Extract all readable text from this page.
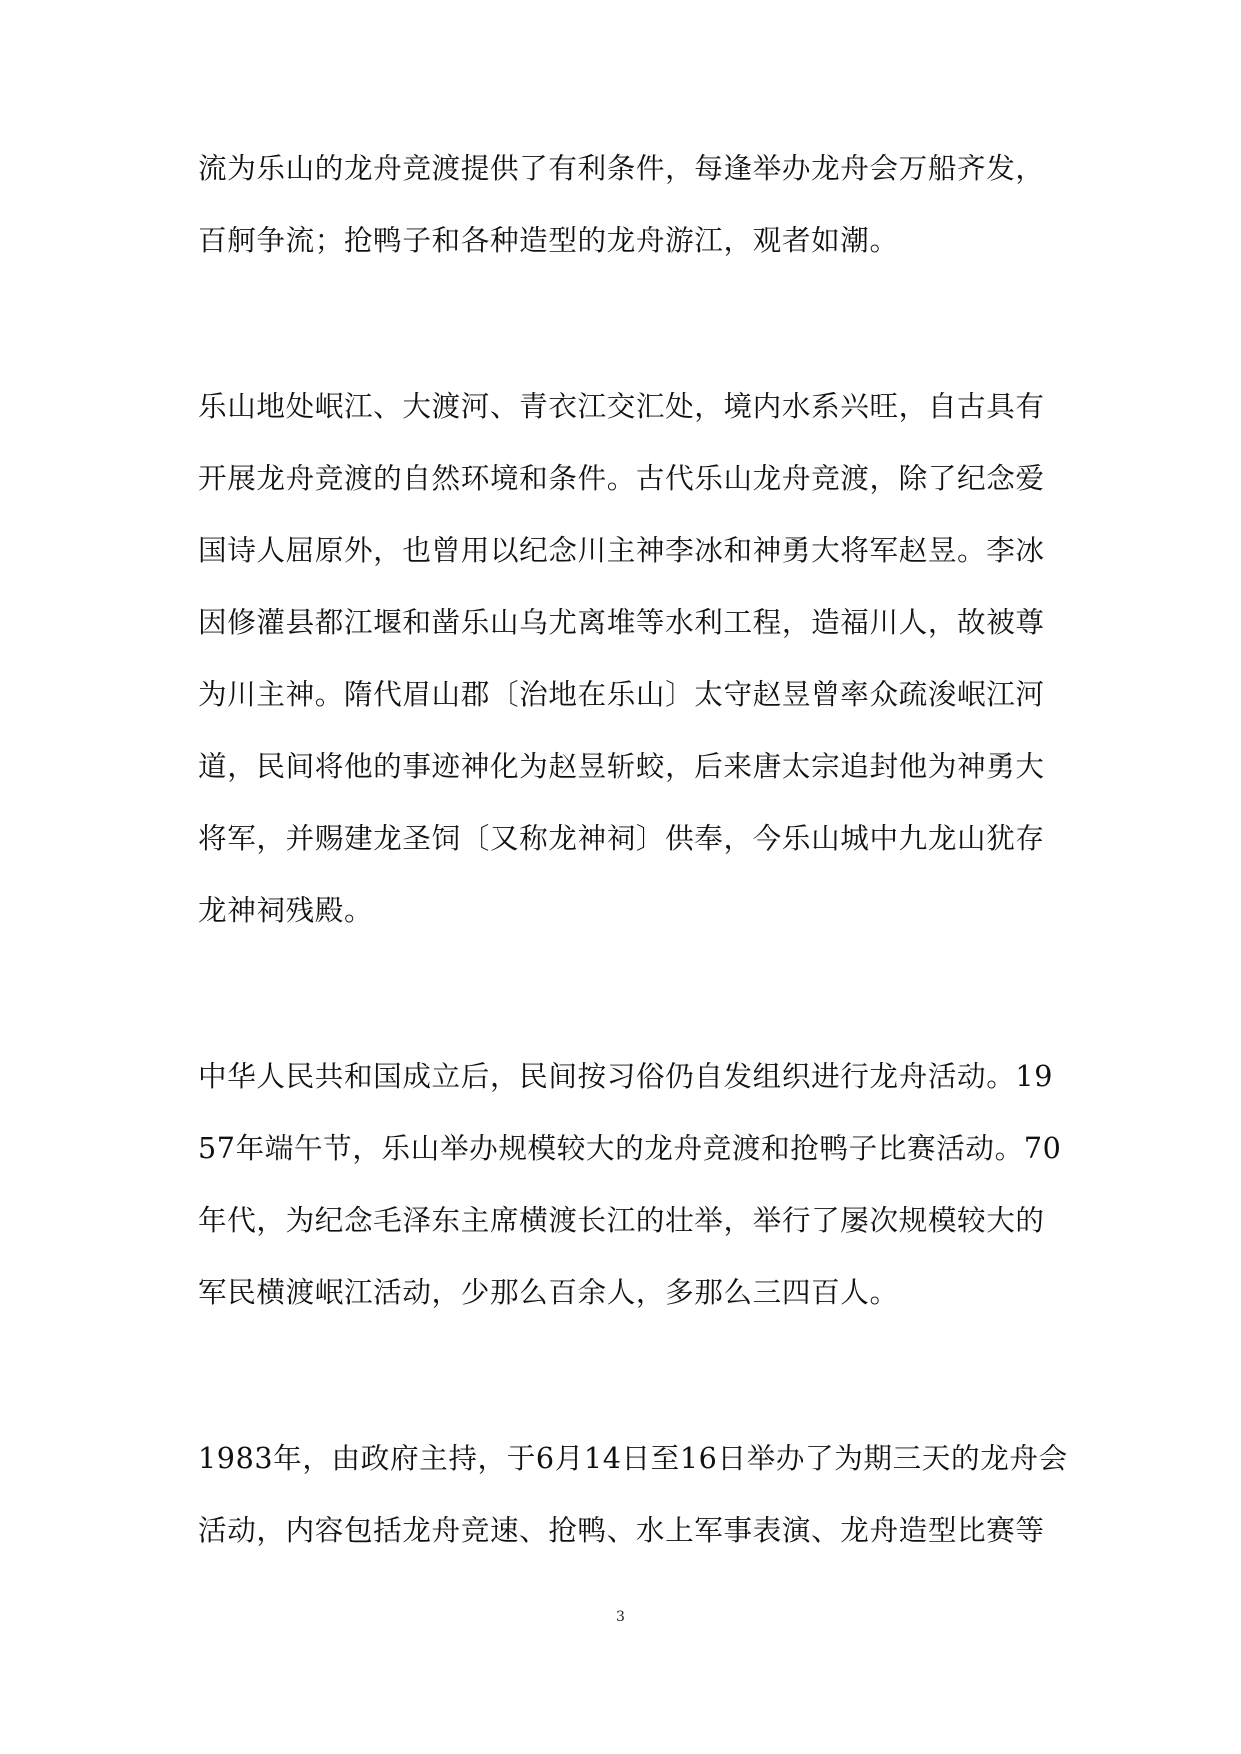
流为乐山的龙舟竞渡提供了有利条件，每逢举办龙舟会万船齐发，
百舸争流；抢鸭子和各种造型的龙舟游江，观者如潮。
乐山地处岷江、大渡河、青衣江交汇处，境内水系兴旺，自古具有
开展龙舟竞渡的自然环境和条件。古代乐山龙舟竞渡，除了纪念爱
国诗人屈原外，也曾用以纪念川主神李冰和神勇大将军赵昱。李冰
因修灌县都江堰和凿乐山乌尤离堆等水利工程，造福川人，故被尊
为川主神。隋代眉山郡〔治地在乐山〕太守赵昱曾率众疏浚岷江河
道，民间将他的事迹神化为赵昱斩蛟，后来唐太宗追封他为神勇大
将军，并赐建龙圣饲〔又称龙神祠〕供奉，今乐山城中九龙山犹存
龙神祠残殿。
中华人民共和国成立后，民间按习俗仍自发组织进行龙舟活动。19
57年端午节，乐山举办规模较大的龙舟竞渡和抢鸭子比赛活动。70
年代，为纪念毛泽东主席横渡长江的壮举，举行了屡次规模较大的
军民横渡岷江活动，少那么百余人，多那么三四百人。
1983年，由政府主持，于6月14日至16日举办了为期三天的龙舟会
活动，内容包括龙舟竞速、抢鸭、水上军事表演、龙舟造型比赛等
3
